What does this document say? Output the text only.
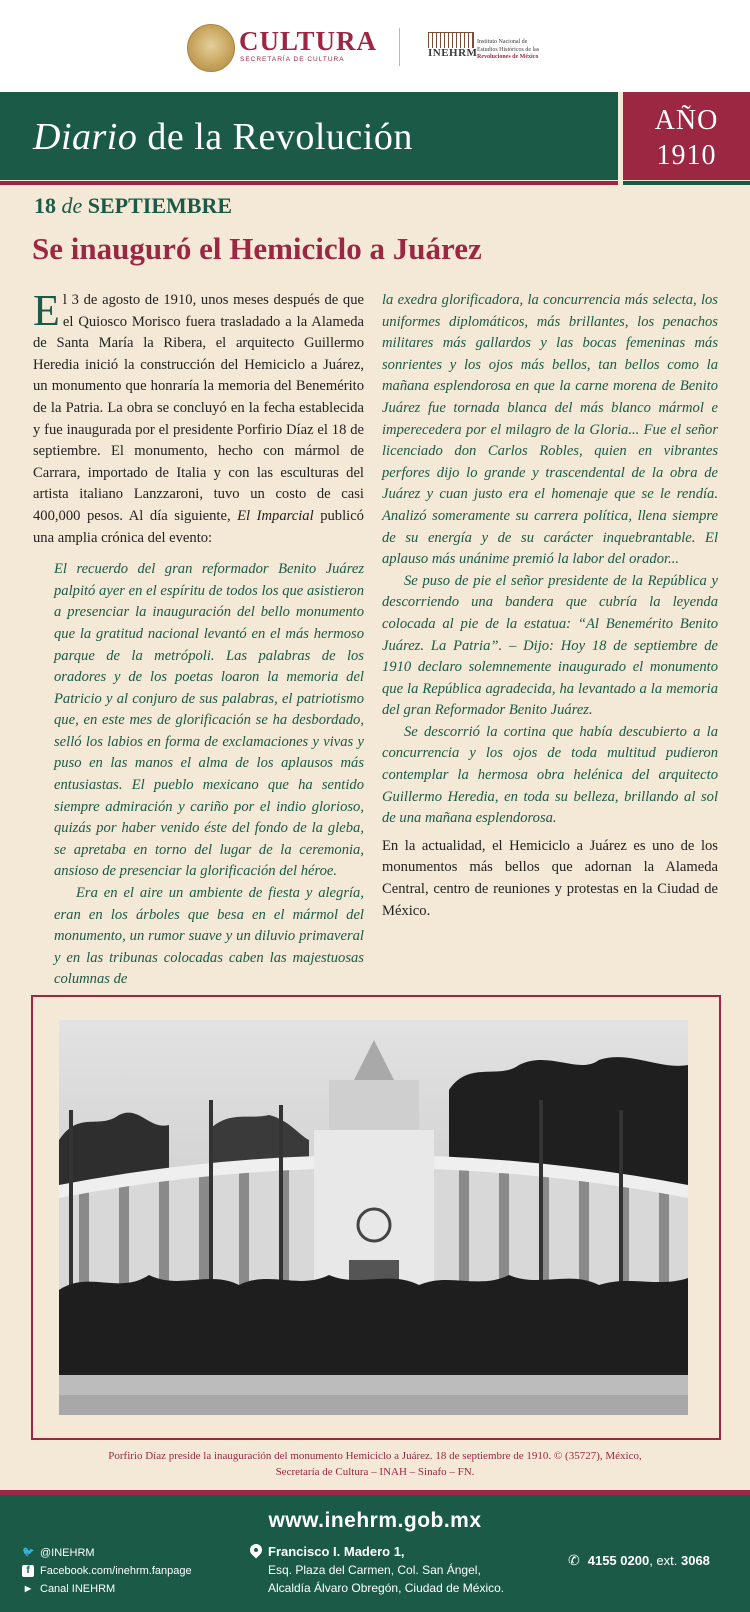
CULTURA
SECRETARÍA DE CULTURA
INEHRM
Instituto Nacional de
Estudios Históricos de las
Revoluciones de México
Diario de la Revolución	AÑO
1910
18 de SEPTIEMBRE
Se inauguró el Hemiciclo a Juárez

El 3 de agosto de 1910, unos meses después de que el Quiosco Morisco fuera trasladado a la Alameda de Santa María la Ribera, el arquitecto Guillermo Heredia inició la construcción del Hemiciclo a Juárez, un monumento que honraría la memoria del Benemérito de la Patria. La obra se concluyó en la fecha establecida y fue inaugurada por el presidente Porfirio Díaz el 18 de septiembre. El monumento, hecho con mármol de Carrara, importado de Italia y con las esculturas del artista italiano Lanzzaroni, tuvo un costo de casi 400,000 pesos. Al día siguiente, El Imparcial publicó una amplia crónica del evento:

El recuerdo del gran reformador Benito Juárez palpitó ayer en el espíritu de todos los que asistieron a presenciar la inauguración del bello monumento que la gratitud nacional levantó en el más hermoso parque de la metrópoli. Las palabras de los oradores y de los poetas loaron la memoria del Patricio y al conjuro de sus palabras, el patriotismo que, en este mes de glorificación se ha desbordado, selló los labios en forma de exclamaciones y vivas y puso en las manos el alma de los aplausos más entusiastas. El pueblo mexicano que ha sentido siempre admiración y cariño por el indio glorioso, quizás por haber venido éste del fondo de la gleba, se apretaba en torno del lugar de la ceremonia, ansioso de presenciar la glorificación del héroe.

Era en el aire un ambiente de fiesta y alegría, eran en los árboles que besa en el mármol del monumento, un rumor suave y un diluvio primaveral y en las tribunas colocadas caben las majestuosas columnas de

la exedra glorificadora, la concurrencia más selecta, los uniformes diplomáticos, más brillantes, los penachos militares más gallardos y las bocas femeninas más sonrientes y los ojos más bellos, tan bellos como la mañana esplendorosa en que la carne morena de Benito Juárez fue tornada blanca del más blanco mármol e imperecedera por el milagro de la Gloria... Fue el señor licenciado don Carlos Robles, quien en vibrantes perfores dijo lo grande y trascendental de la obra de Juárez y cuan justo era el homenaje que se le rendía. Analizó someramente su carrera política, llena siempre de su energía y de su carácter inquebrantable. El aplauso más unánime premió la labor del orador...

Se puso de pie el señor presidente de la República y descorriendo una bandera que cubría la leyenda colocada al pie de la estatua: “Al Benemérito Benito Juárez. La Patria”. – Dijo: Hoy 18 de septiembre de 1910 declaro solemnemente inaugurado el monumento que la República agradecida, ha levantado a la memoria del gran Reformador Benito Juárez.

Se descorrió la cortina que había descubierto a la concurrencia y los ojos de toda multitud pudieron contemplar la hermosa obra helénica del arquitecto Guillermo Heredia, en toda su belleza, brillando al sol de una mañana esplendorosa.

En la actualidad, el Hemiciclo a Juárez es uno de los monumentos más bellos que adornan la Alameda Central, centro de reuniones y protestas en la Ciudad de México.

Porfirio Díaz preside la inauguración del monumento Hemiciclo a Juárez. 18 de septiembre de 1910. © (35727), México,
Secretaría de Cultura – INAH – Sinafo – FN.
www.inehrm.gob.mx
🐦 @INEHRM
f Facebook.com/inehrm.fanpage
▶ Canal INEHRM
Francisco I. Madero 1,
Esq. Plaza del Carmen, Col. San Ángel,
Alcaldía Álvaro Obregón, Ciudad de México.
✆ 4155 0200, ext. 3068
